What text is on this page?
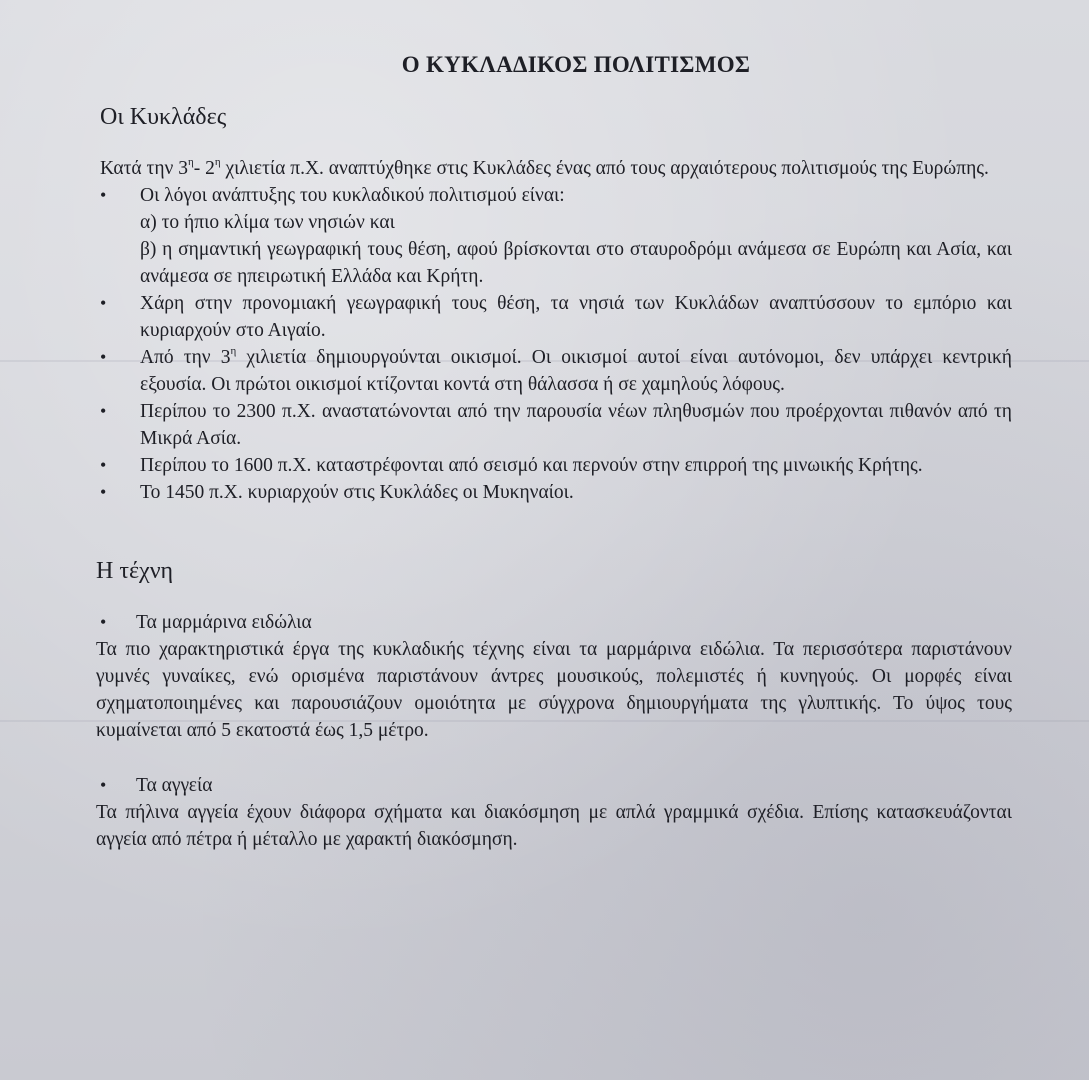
Ο ΚΥΚΛΑΔΙΚΟΣ ΠΟΛΙΤΙΣΜΟΣ
Οι Κυκλάδες

Κατά την $3^\eta-$ $2^\eta$ χιλιετία π.Χ. αναπτύχθηκε στις Κυκλάδες ένας από τους αρχαιότερους πολιτισμούς της Ευρώπης.

• Οι λόγοι ανάπτυξης του κυκλαδικού πολιτισμού είναι:
α) το ήπιο κλίμα των νησιών και
β) η σημαντική γεωγραφική τους θέση, αφού βρίσκονται στο σταυροδρόμι ανάμεσα σε Ευρώπη και Ασία, και ανάμεσα σε ηπειρωτική Ελλάδα και Κρήτη.
• Χάρη στην προνομιακή γεωγραφική τους θέση, τα νησιά των Κυκλάδων αναπτύσσουν το εμπόριο και κυριαρχούν στο Αιγαίο.
• Από την $3^\eta$ χιλιετία δημιουργούνται οικισμοί. Οι οικισμοί αυτοί είναι αυτόνομοι, δεν υπάρχει κεντρική εξουσία. Οι πρώτοι οικισμοί κτίζονται κοντά στη θάλασσα ή σε χαμηλούς λόφους.
• Περίπου το 2300 π.Χ. αναστατώνονται από την παρουσία νέων πληθυσμών που προέρχονται πιθανόν από τη Μικρά Ασία.
• Περίπου το 1600 π.Χ. καταστρέφονται από σεισμό και περνούν στην επιρροή της μινωικής Κρήτης.
• Το 1450 π.Χ. κυριαρχούν στις Κυκλάδες οι Μυκηναίοι.
Η τέχνη
• Τα μαρμάρινα ειδώλια

Τα πιο χαρακτηριστικά έργα της κυκλαδικής τέχνης είναι τα μαρμάρινα ειδώλια. Τα περισσότερα παριστάνουν γυμνές γυναίκες, ενώ ορισμένα παριστάνουν άντρες μουσικούς, πολεμιστές ή κυνηγούς. Οι μορφές είναι σχηματοποιημένες και παρουσιάζουν ομοιότητα με σύγχρονα δημιουργήματα της γλυπτικής. Το ύψος τους κυμαίνεται από 5 εκατοστά έως 1,5 μέτρο.

• Τα αγγεία

Τα πήλινα αγγεία έχουν διάφορα σχήματα και διακόσμηση με απλά γραμμικά σχέδια. Επίσης κατασκευάζονται αγγεία από πέτρα ή μέταλλο με χαρακτή διακόσμηση.
